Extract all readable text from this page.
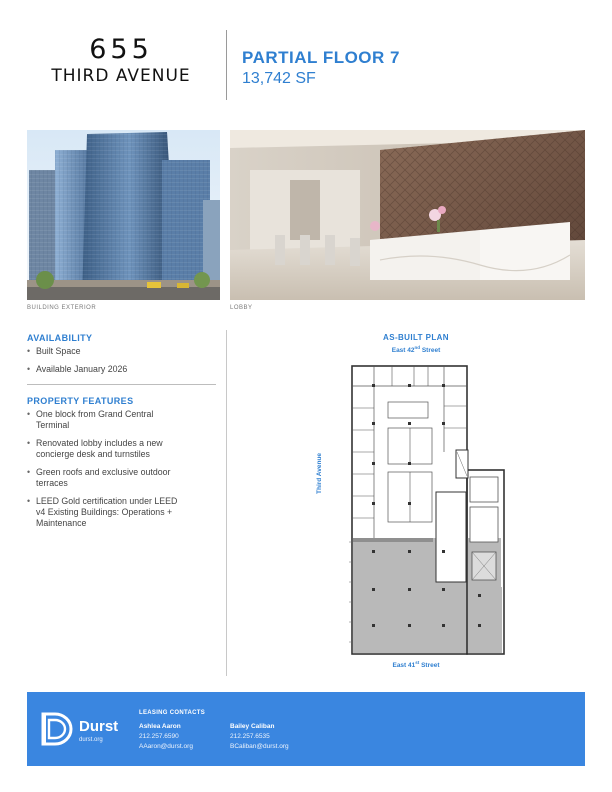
655
THIRD AVENUE
PARTIAL FLOOR 7
13,742 SF
BUILDING EXTERIOR	LOBBY
AVAILABILITY
• Built Space
• Available January 2026
PROPERTY FEATURES
• One block from Grand Central Terminal
• Renovated lobby includes a new concierge desk and turnstiles
• Green roofs and exclusive outdoor terraces
• LEED Gold certification under LEED v4 Existing Buildings: Operations + Maintenance
AS-BUILT PLAN
East 42nd Street
Third Avenue
East 41st Street
Durst
durst.org
LEASING CONTACTS
Ashlea Aaron
212.257.6590
AAaron@durst.org
Bailey Caliban
212.257.6535
BCaliban@durst.org
